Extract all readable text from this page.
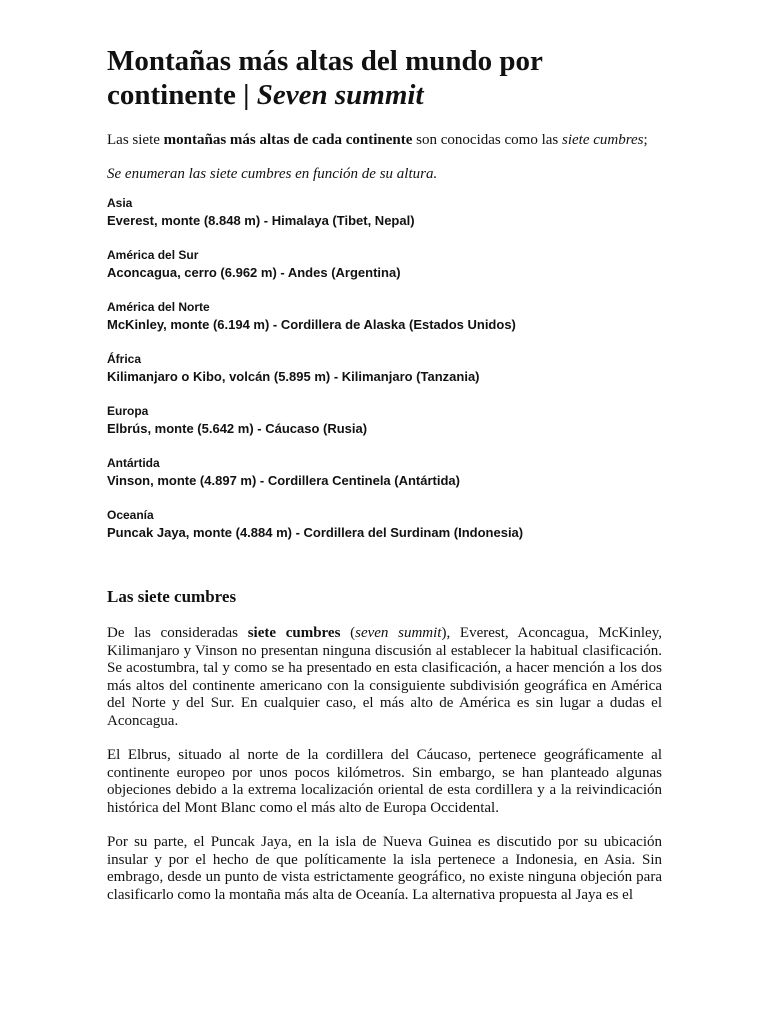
Montañas más altas del mundo por continente | Seven summit

Las siete montañas más altas de cada continente son conocidas como las siete cumbres;

Se enumeran las siete cumbres en función de su altura.

Asia
Everest, monte (8.848 m) - Himalaya (Tibet, Nepal)
América del Sur
Aconcagua, cerro (6.962 m) - Andes (Argentina)
América del Norte
McKinley, monte (6.194 m) - Cordillera de Alaska (Estados Unidos)
África
Kilimanjaro o Kibo, volcán (5.895 m) - Kilimanjaro (Tanzania)
Europa
Elbrús, monte (5.642 m) - Cáucaso (Rusia)
Antártida
Vinson, monte (4.897 m) - Cordillera Centinela (Antártida)
Oceanía
Puncak Jaya, monte (4.884 m) - Cordillera del Surdinam (Indonesia)
Las siete cumbres

De las consideradas siete cumbres (seven summit), Everest, Aconcagua, McKinley, Kilimanjaro y Vinson no presentan ninguna discusión al establecer la habitual clasificación. Se acostumbra, tal y como se ha presentado en esta clasificación, a hacer mención a los dos más altos del continente americano con la consiguiente subdivisión geográfica en América del Norte y del Sur. En cualquier caso, el más alto de América es sin lugar a dudas el Aconcagua.

El Elbrus, situado al norte de la cordillera del Cáucaso, pertenece geográficamente al continente europeo por unos pocos kilómetros. Sin embargo, se han planteado algunas objeciones debido a la extrema localización oriental de esta cordillera y a la reivindicación histórica del Mont Blanc como el más alto de Europa Occidental.

Por su parte, el Puncak Jaya, en la isla de Nueva Guinea es discutido por su ubicación insular y por el hecho de que políticamente la isla pertenece a Indonesia, en Asia. Sin embrago, desde un punto de vista estrictamente geográfico, no existe ninguna objeción para clasificarlo como la montaña más alta de Oceanía. La alternativa propuesta al Jaya es el
